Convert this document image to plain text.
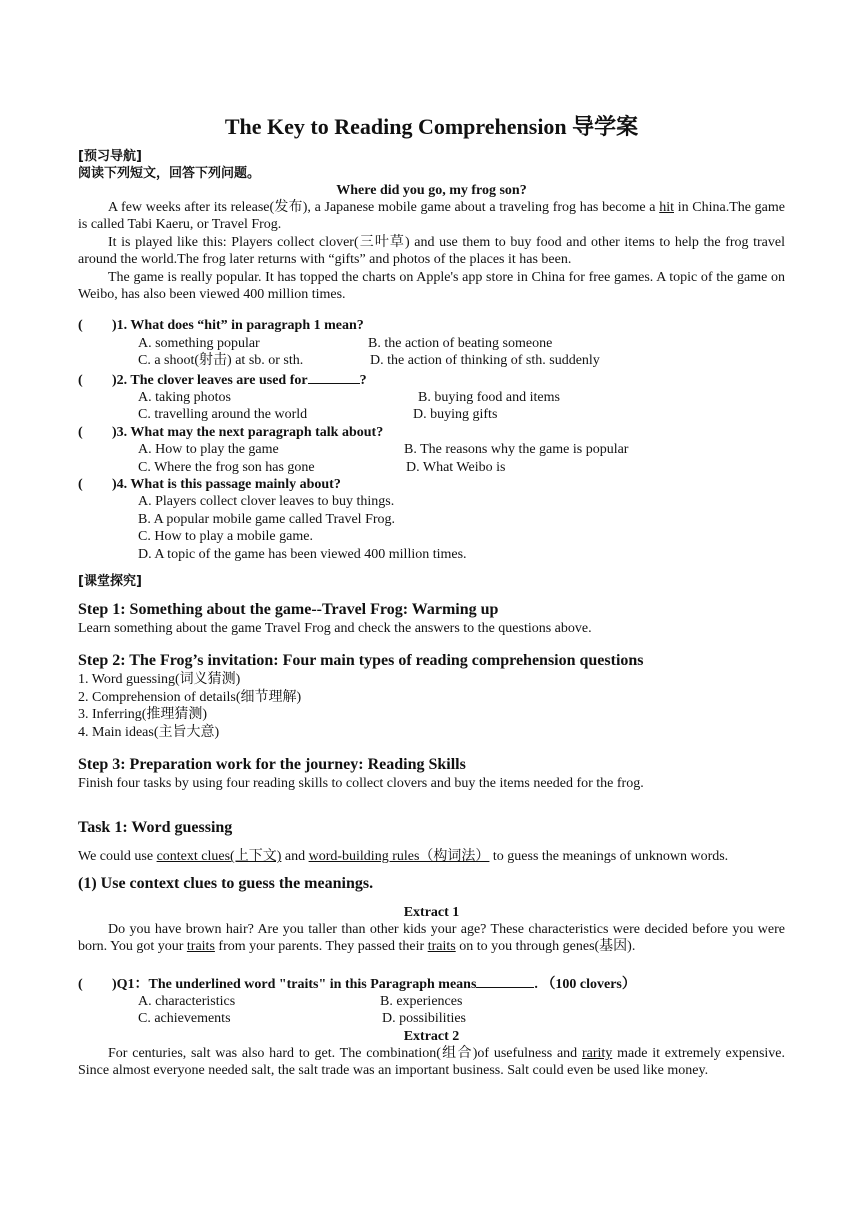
The Key to Reading Comprehension 导学案
[预习导航]
阅读下列短文，回答下列问题。
Where did you go, my frog son?

A few weeks after its release(发布), a Japanese mobile game about a traveling frog has become a hit in China.The game is called Tabi Kaeru, or Travel Frog.

It is played like this: Players collect clover(三叶草) and use them to buy food and other items to help the frog travel around the world.The frog later returns with “gifts” and photos of the places it has been.

The game is really popular. It has topped the charts on Apple's app store in China for free games. A topic of the game on Weibo, has also been viewed 400 million times.

( )1. What does “hit” in paragraph 1 mean?
A. something popular	B. the action of beating someone
C. a shoot(射击) at sb. or sth.	D. the action of thinking of sth. suddenly
( )2. The clover leaves are used for	?
A. taking photos	B. buying food and items
C. travelling around the world	D. buying gifts
( )3. What may the next paragraph talk about?
A. How to play the game	B. The reasons why the game is popular
C. Where the frog son has gone	D. What Weibo is
( )4. What is this passage mainly about?
A. Players collect clover leaves to buy things.
B. A popular mobile game called Travel Frog.
C. How to play a mobile game.
D. A topic of the game has been viewed 400 million times.
[课堂探究]
Step 1: Something about the game--Travel Frog: Warming up
Learn something about the game Travel Frog and check the answers to the questions above.
Step 2: The Frog’s invitation: Four main types of reading comprehension questions
1. Word guessing(词义猜测)
2. Comprehension of details(细节理解)
3. Inferring(推理猜测)
4. Main ideas(主旨大意)
Step 3: Preparation work for the journey: Reading Skills
Finish four tasks by using four reading skills to collect clovers and buy the items needed for the frog.
Task 1: Word guessing
We could use context clues(上下文) and word-building rules（构词法） to guess the meanings of unknown words.
(1) Use context clues to guess the meanings.
Extract 1

Do you have brown hair? Are you taller than other kids your age? These characteristics were decided before you were born. You got your traits from your parents. They passed their traits on to you through genes(基因).

( )Q1：The underlined word "traits" in this Paragraph means	. （100 clovers）
A. characteristics	B. experiences
C. achievements	D. possibilities
Extract 2

For centuries, salt was also hard to get. The combination(组合)of usefulness and rarity made it extremely expensive. Since almost everyone needed salt, the salt trade was an important business. Salt could even be used like money.
